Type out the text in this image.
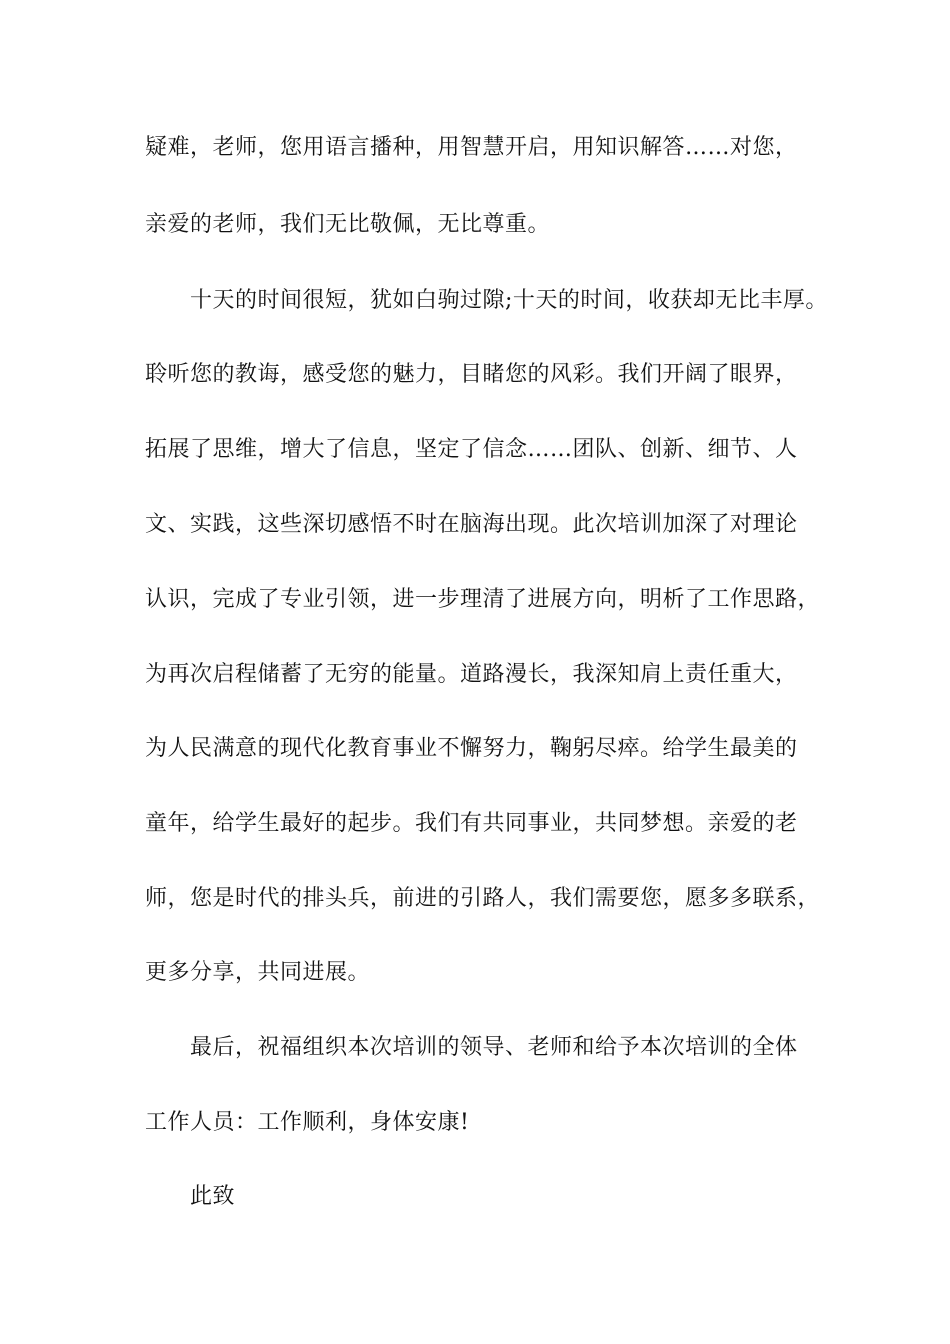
疑难，老师，您用语言播种，用智慧开启，用知识解答……对您，
亲爱的老师，我们无比敬佩，无比尊重。
十天的时间很短，犹如白驹过隙;十天的时间，收获却无比丰厚。
聆听您的教诲，感受您的魅力，目睹您的风彩。我们开阔了眼界，
拓展了思维，增大了信息，坚定了信念……团队、创新、细节、人
文、实践，这些深切感悟不时在脑海出现。此次培训加深了对理论
认识，完成了专业引领，进一步理清了进展方向，明析了工作思路，
为再次启程储蓄了无穷的能量。道路漫长，我深知肩上责任重大，
为人民满意的现代化教育事业不懈努力，鞠躬尽瘁。给学生最美的
童年，给学生最好的起步。我们有共同事业，共同梦想。亲爱的老
师，您是时代的排头兵，前进的引路人，我们需要您，愿多多联系，
更多分享，共同进展。
最后，祝福组织本次培训的领导、老师和给予本次培训的全体
工作人员：工作顺利，身体安康!
此致
